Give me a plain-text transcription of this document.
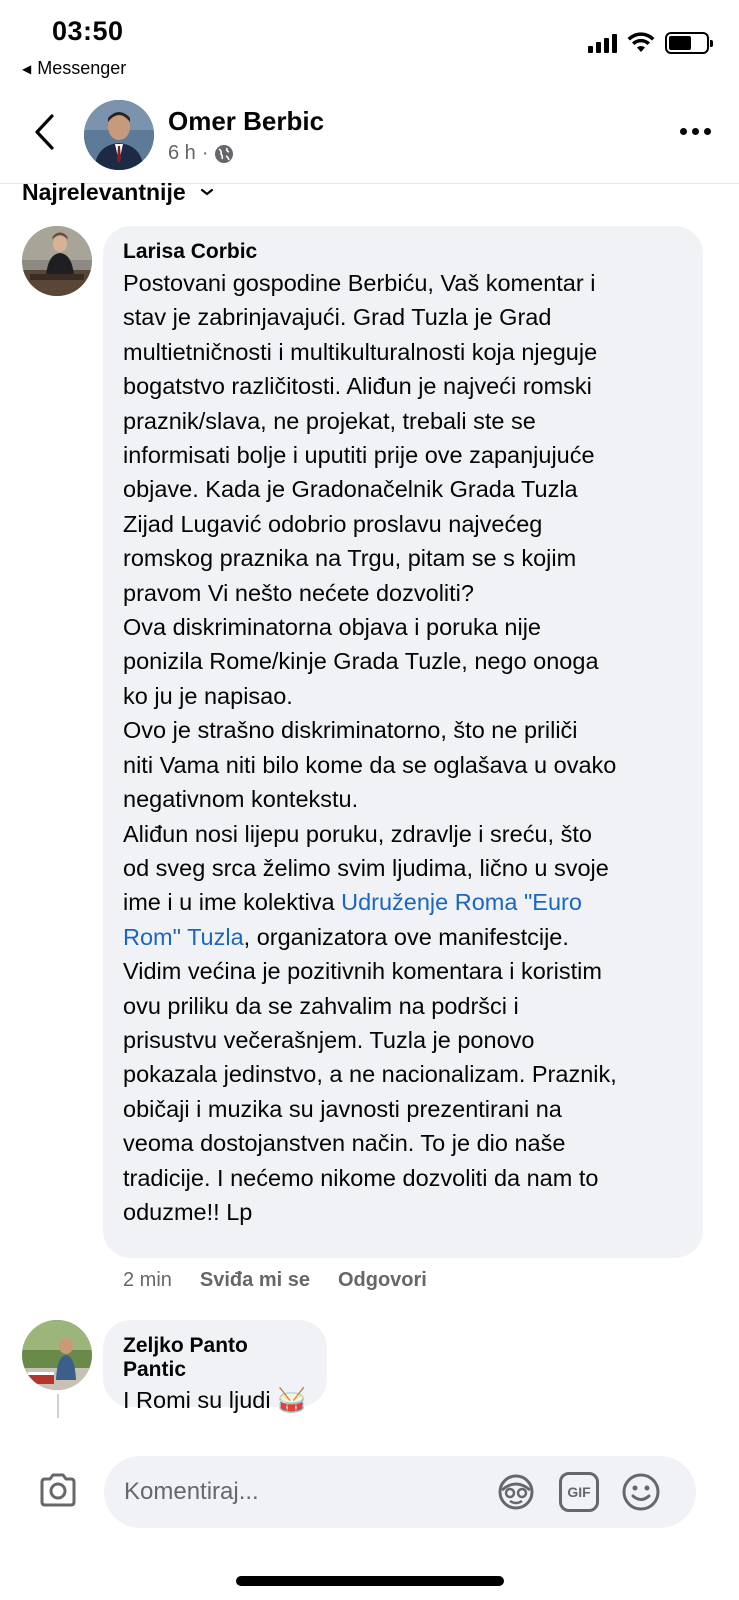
03:50
◀ Messenger
Omer Berbic
6 h ·
Najrelevantnije
Larisa Corbic
Postovani gospodine Berbiću, Vaš komentar i
stav je zabrinjavajući. Grad Tuzla je Grad
multietničnosti i multikulturalnosti koja njeguje
bogatstvo različitosti. Aliđun je najveći romski
praznik/slava, ne projekat, trebali ste se
informisati bolje i uputiti prije ove zapanjujuće
objave. Kada je Gradonačelnik Grada Tuzla
Zijad Lugavić odobrio proslavu najvećeg
romskog praznika na Trgu, pitam se s kojim
pravom Vi nešto nećete dozvoliti?
Ova diskriminatorna objava i poruka nije
ponizila Rome/kinje Grada Tuzle, nego onoga
ko ju je napisao.
Ovo je strašno diskriminatorno, što ne priliči
niti Vama niti bilo kome da se oglašava u ovako
negativnom kontekstu.
Aliđun nosi lijepu poruku, zdravlje i sreću, što
od sveg srca želimo svim ljudima, lično u svoje
ime i u ime kolektiva Udruženje Roma "Euro
Rom" Tuzla, organizatora ove manifestcije.
Vidim većina je pozitivnih komentara i koristim
ovu priliku da se zahvalim na podršci i
prisustvu večerašnjem. Tuzla je ponovo
pokazala jedinstvo, a ne nacionalizam. Praznik,
običaji i muzika su javnosti prezentirani na
veoma dostojanstven način. To je dio naše
tradicije. I nećemo nikome dozvoliti da nam to
oduzme!! Lp
2 min Sviđa mi se Odgovori
Zeljko Panto Pantic
I Romi su ljudi 🥁
Komentiraj...
GIF
